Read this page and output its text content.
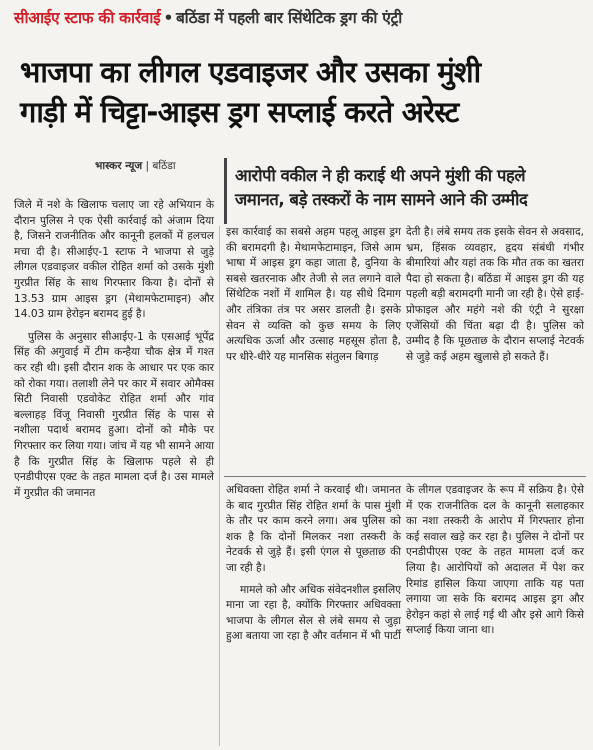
सीआईए स्टाफ की कार्रवाई • बठिंडा में पहली बार सिंथेटिक ड्रग की एंट्री
भाजपा का लीगल एडवाइजर और उसका मुंशी
गाड़ी में चिट्टा-आइस ड्रग सप्लाई करते अरेस्ट
भास्कर न्यूज | बठिंडा	आरोपी वकील ने ही कराई थी अपने मुंशी की पहले
जमानत, बड़े तस्करों के नाम सामने आने की उम्मीद

जिले में नशे के खिलाफ चलाए जा रहे अभियान के दौरान पुलिस ने एक ऐसी कार्रवाई को अंजाम दिया है, जिसने राजनीतिक और कानूनी हलकों में हलचल मचा दी है। सीआईए-1 स्टाफ ने भाजपा से जुड़े लीगल एडवाइजर वकील रोहित शर्मा को उसके मुंशी गुरप्रीत सिंह के साथ गिरफ्तार किया है। दोनों से 13.53 ग्राम आइस ड्रग (मेथामफेटामाइन) और 14.03 ग्राम हेरोइन बरामद हुई है।

पुलिस के अनुसार सीआईए-1 के एसआई भूपेंद्र सिंह की अगुवाई में टीम कन्हैया चौक क्षेत्र में गश्त कर रही थी। इसी दौरान शक के आधार पर एक कार को रोका गया। तलाशी लेने पर कार में सवार ओमैक्स सिटी निवासी एडवोकेट रोहित शर्मा और गांव बल्लाहड़ विंजू निवासी गुरप्रीत सिंह के पास से नशीला पदार्थ बरामद हुआ। दोनों को मौके पर गिरफ्तार कर लिया गया। जांच में यह भी सामने आया है कि गुरप्रीत सिंह के खिलाफ पहले से ही एनडीपीएस एक्ट के तहत मामला दर्ज है। उस मामले में गुरप्रीत की जमानत

इस कार्रवाई का सबसे अहम पहलू आइस ड्रग की बरामदगी है। मेथामफेटामाइन, जिसे आम भाषा में आइस ड्रग कहा जाता है, दुनिया के सबसे खतरनाक और तेजी से लत लगाने वाले सिंथेटिक नशों में शामिल है। यह सीधे दिमाग और तंत्रिका तंत्र पर असर डालती है। इसके सेवन से व्यक्ति को कुछ समय के लिए अत्यधिक ऊर्जा और उत्साह महसूस होता है, पर धीरे-धीरे यह मानसिक संतुलन बिगाड़

देती है। लंबे समय तक इसके सेवन से अवसाद, भ्रम, हिंसक व्यवहार, हृदय संबंधी गंभीर बीमारियां और यहां तक कि मौत तक का खतरा पैदा हो सकता है। बठिंडा में आइस ड्रग की यह पहली बड़ी बरामदगी मानी जा रही है। ऐसे हाई-प्रोफाइल और महंगे नशे की एंट्री ने सुरक्षा एजेंसियों की चिंता बढ़ा दी है। पुलिस को उम्मीद है कि पूछताछ के दौरान सप्लाई नेटवर्क से जुड़े कई अहम खुलासे हो सकते हैं।

अधिवक्ता रोहित शर्मा ने करवाई थी। जमानत के बाद गुरप्रीत सिंह रोहित शर्मा के पास मुंशी के तौर पर काम करने लगा। अब पुलिस को शक है कि दोनों मिलकर नशा तस्करी के नेटवर्क से जुड़े हैं। इसी एंगल से पूछताछ की जा रही है।

मामले को और अधिक संवेदनशील इसलिए माना जा रहा है, क्योंकि गिरफ्तार अधिवक्ता भाजपा के लीगल सेल से लंबे समय से जुड़ा हुआ बताया जा रहा है और वर्तमान में भी पार्टी

के लीगल एडवाइजर के रूप में सक्रिय है। ऐसे में एक राजनीतिक दल के कानूनी सलाहकार का नशा तस्करी के आरोप में गिरफ्तार होना कई सवाल खड़े कर रहा है। पुलिस ने दोनों पर एनडीपीएस एक्ट के तहत मामला दर्ज कर लिया है। आरोपियों को अदालत में पेश कर रिमांड हासिल किया जाएगा ताकि यह पता लगाया जा सके कि बरामद आइस ड्रग और हेरोइन कहां से लाई गई थी और इसे आगे किसे सप्लाई किया जाना था।
